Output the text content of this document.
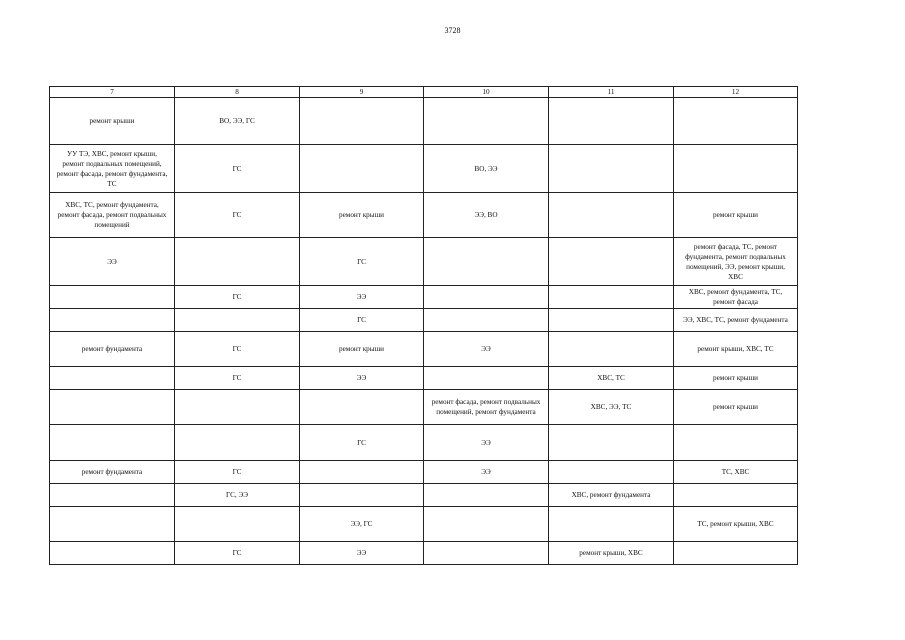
3728
7	8	9	10	11	12
ремонт крыши	ВО, ЭЭ, ГС				
УУ ТЭ, ХВС, ремонт крыши, ремонт подвальных помещений, ремонт фасада, ремонт фундамента, ТС	ГС		ВО, ЭЭ		
ХВС, ТС, ремонт фундамента, ремонт фасада, ремонт подвальных помещений	ГС	ремонт крыши	ЭЭ, ВО		ремонт крыши
ЭЭ		ГС			ремонт фасада, ТС, ремонт фундамента, ремонт подвальных помещений, ЭЭ, ремонт крыши, ХВС
	ГС	ЭЭ			ХВС, ремонт фундамента, ТС, ремонт фасада
		ГС			ЭЭ, ХВС, ТС, ремонт фундамента
ремонт фундамента	ГС	ремонт крыши	ЭЭ		ремонт крыши, ХВС, ТС
	ГС	ЭЭ		ХВС, ТС	ремонт крыши
			ремонт фасада, ремонт подвальных помещений, ремонт фундамента	ХВС, ЭЭ, ТС	ремонт крыши
		ГС	ЭЭ		
ремонт фундамента	ГС		ЭЭ		ТС, ХВС
	ГС, ЭЭ			ХВС, ремонт фундамента	
		ЭЭ, ГС			ТС, ремонт крыши, ХВС
	ГС	ЭЭ		ремонт крыши, ХВС	
